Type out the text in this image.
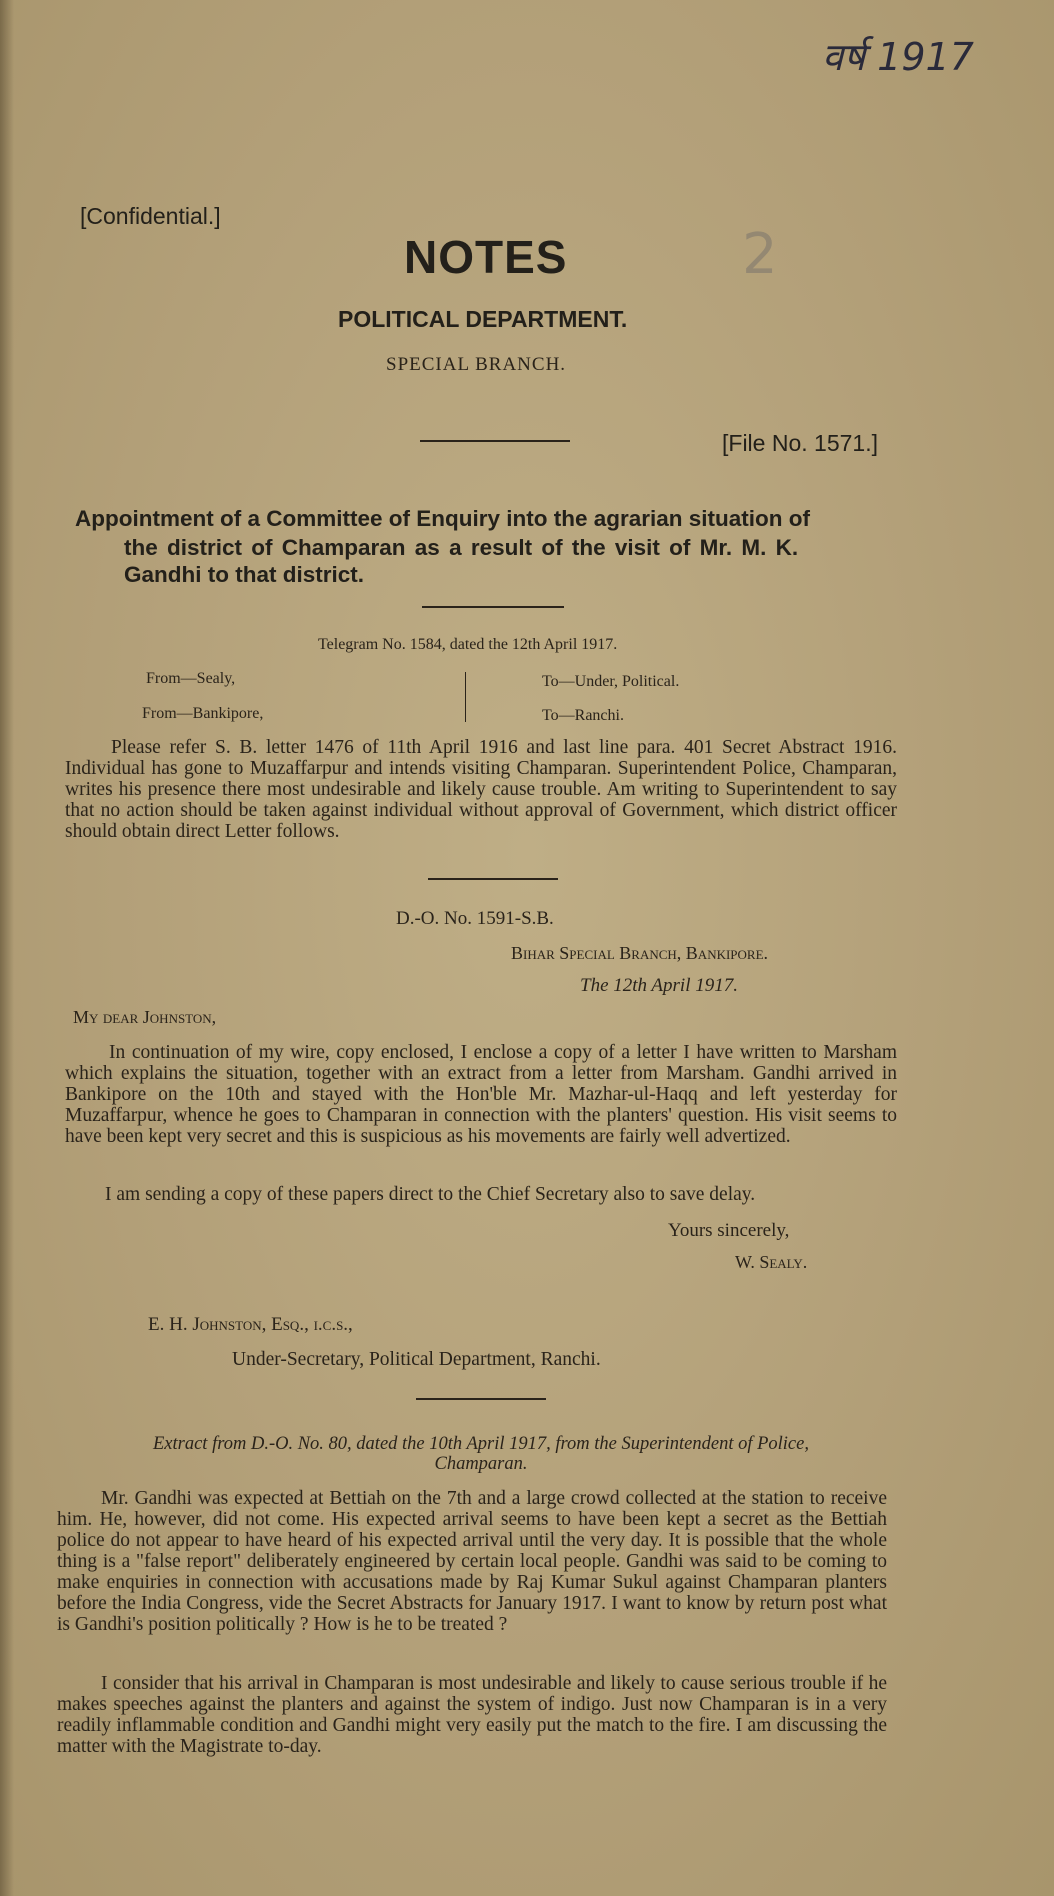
वर्ष 1917
2
[Confidential.]
NOTES
POLITICAL DEPARTMENT.
SPECIAL BRANCH.
[File No. 1571.]
Appointment of a Committee of Enquiry into the agrarian situation of
the district of Champaran as a result of the visit of Mr. M. K.
Gandhi to that district.
Telegram No. 1584, dated the 12th April 1917.
From—Sealy,
From—Bankipore,
To—Under, Political.
To—Ranchi.
Please refer S. B. letter 1476 of 11th April 1916 and last line para. 401 Secret Abstract 1916. Individual has gone to Muzaffarpur and intends visiting Champaran. Superintendent Police, Champaran, writes his presence there most undesirable and likely cause trouble. Am writing to Superintendent to say that no action should be taken against individual without approval of Government, which district officer should obtain direct Letter follows.
D.-O. No. 1591-S.B.
Bihar Special Branch, Bankipore.
The 12th April 1917.
My dear Johnston,
In continuation of my wire, copy enclosed, I enclose a copy of a letter I have written to Marsham which explains the situation, together with an extract from a letter from Marsham. Gandhi arrived in Bankipore on the 10th and stayed with the Hon'ble Mr. Mazhar-ul-Haqq and left yesterday for Muzaffarpur, whence he goes to Champaran in connection with the planters' question. His visit seems to have been kept very secret and this is suspicious as his movements are fairly well advertized.
I am sending a copy of these papers direct to the Chief Secretary also to save delay.
Yours sincerely,
W. Sealy.
E. H. Johnston, Esq., i.c.s.,
Under-Secretary, Political Department, Ranchi.
Extract from D.-O. No. 80, dated the 10th April 1917, from the Superintendent of Police,
Champaran.
Mr. Gandhi was expected at Bettiah on the 7th and a large crowd collected at the station to receive him. He, however, did not come. His expected arrival seems to have been kept a secret as the Bettiah police do not appear to have heard of his expected arrival until the very day. It is possible that the whole thing is a "false report" deliberately engineered by certain local people. Gandhi was said to be coming to make enquiries in connection with accusations made by Raj Kumar Sukul against Champaran planters before the India Congress, vide the Secret Abstracts for January 1917. I want to know by return post what is Gandhi's position politically ? How is he to be treated ?
I consider that his arrival in Champaran is most undesirable and likely to cause serious trouble if he makes speeches against the planters and against the system of indigo. Just now Champaran is in a very readily inflammable condition and Gandhi might very easily put the match to the fire. I am discussing the matter with the Magistrate to-day.
